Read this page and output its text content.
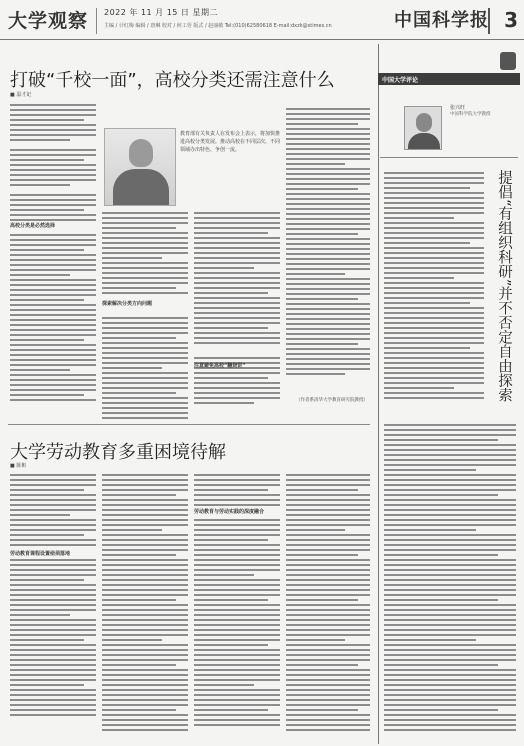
大学观察 2022 年 11 月 15 日 星期二
主编 / 计红梅 编辑 / 唐琳 校对 / 何工劳 版式 / 赵丽敏 Tel:(010)62580618 E-mail:dxzk@stimes.cn	中国科学报 3
打破“千校一面”，高校分类还需注意什么
■ 温才妃
教育部有关负责人在发布会上表示，将加快推进高校分类发展。推动高校在不同层次、不同领域办出特色、争创一流。
高校分类是必然选择
探索解决分类方向问题
注意避免高校“翻烧饼”
大学劳动教育多重困境待解
■ 陈彬
劳动教育课程设置亟须落地
劳动教育与劳动实践的深度融合
中国大学评论
张兴旺
中国科学院大学教授
提倡“有组织科研”并不否定自由探索
（作者系清华大学教育研究院教授）
